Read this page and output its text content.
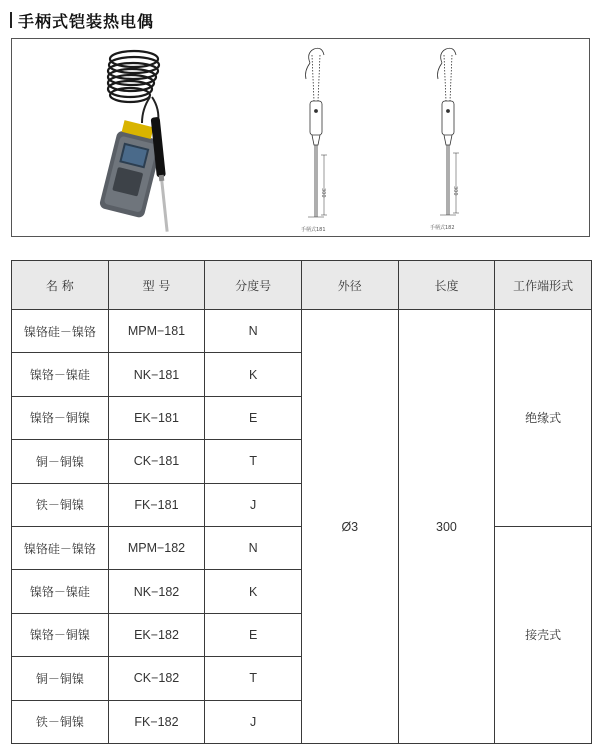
手柄式铠装热电偶
300
手柄式181
300
手柄式182
名 称	型 号	分度号	外径	长度	工作端形式
镍铬硅－镍铬	MPM−181	N	Ø3	300	绝缘式
镍铬－镍硅	NK−181	K			
镍铬－铜镍	EK−181	E			
铜－铜镍	CK−181	T			
铁－铜镍	FK−181	J			
镍铬硅－镍铬	MPM−182	N			接壳式
镍铬－镍硅	NK−182	K			
镍铬－铜镍	EK−182	E			
铜－铜镍	CK−182	T			
铁－铜镍	FK−182	J			
